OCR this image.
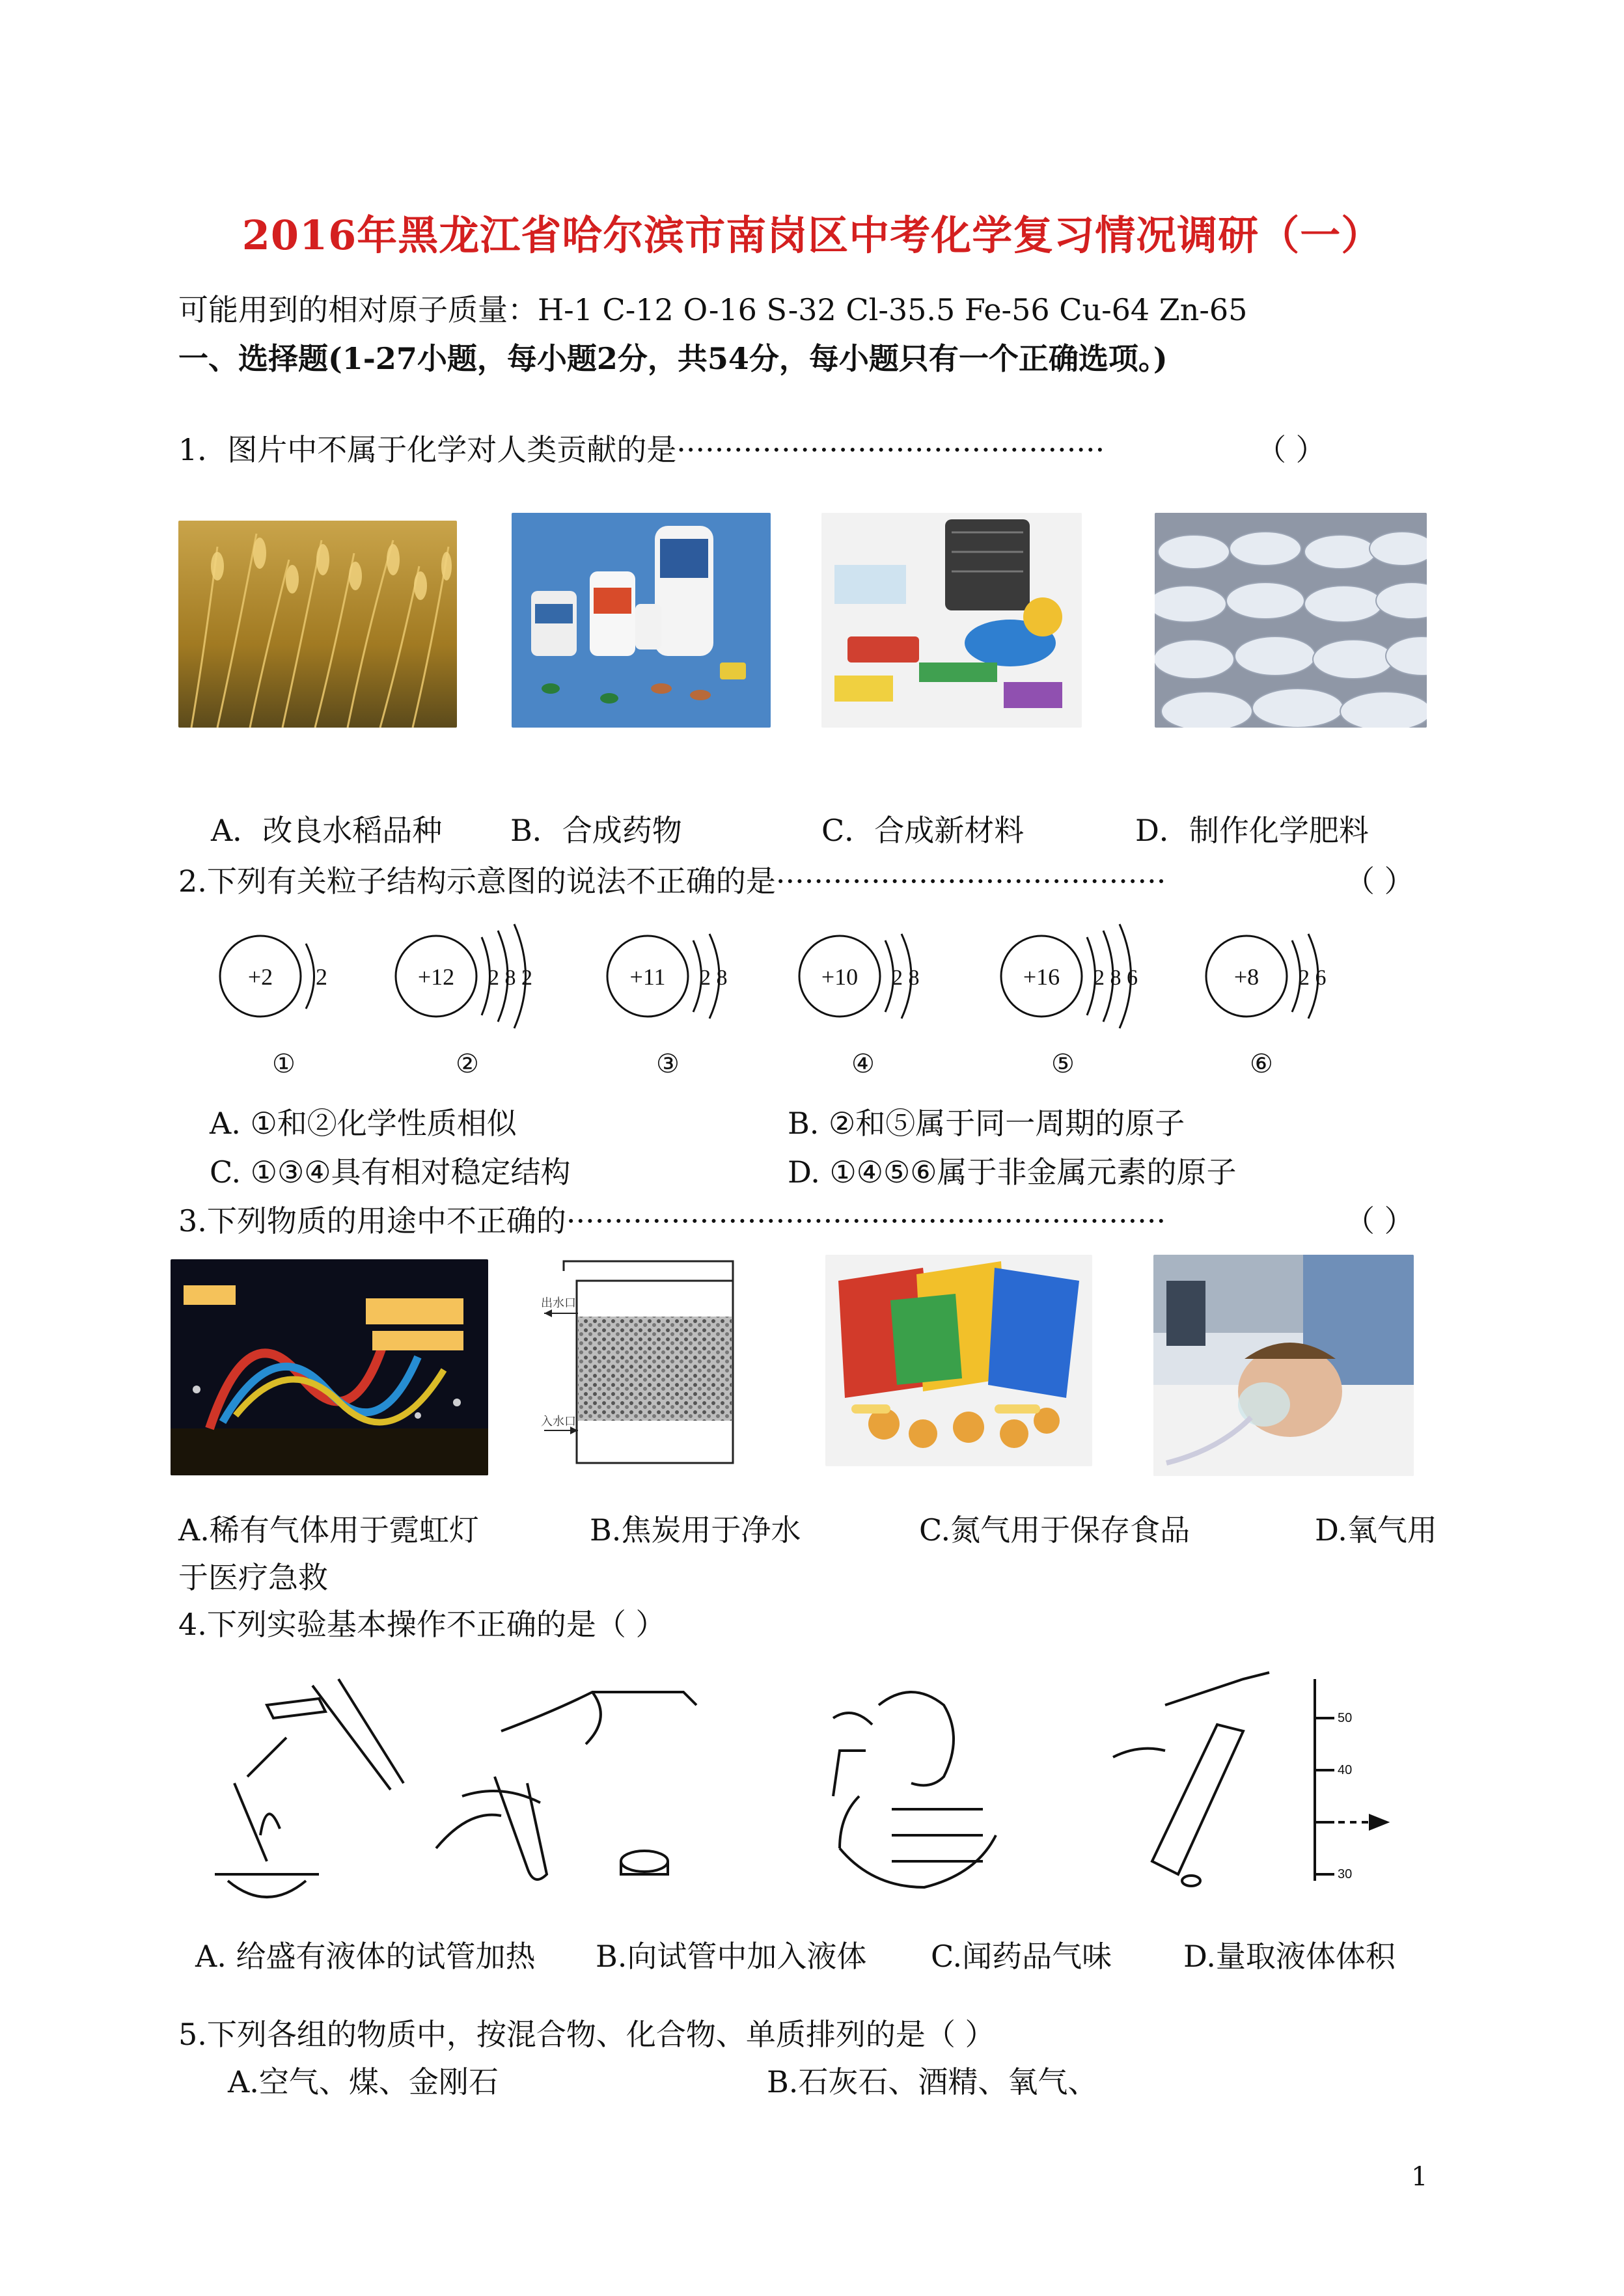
2016年黑龙江省哈尔滨市南岗区中考化学复习情况调研（一）
可能用到的相对原子质量：H-1 C-12 O-16 S-32 Cl-35.5 Fe-56 Cu-64 Zn-65
一、选择题(1-27小题，每小题2分，共54分，每小题只有一个正确选项。)
1．图片中不属于化学对人类贡献的是·············································	（ ）
A．改良水稻品种 B．合成药物	C．合成新材料	D．制作化学肥料
2.下列有关粒子结构示意图的说法不正确的是·········································	（ ）
+2 2
①
+12 2 8 2
②
+11 2 8
③
+10 2 8
④
+16 2 8 6
⑤
+8 2 6
⑥
A. ①和②化学性质相似	B. ②和⑤属于同一周期的原子
C. ①③④具有相对稳定结构	D. ①④⑤⑥属于非金属元素的原子
3.下列物质的用途中不正确的·······························································	（ ）
出水口
入水口
A.稀有气体用于霓虹灯	B.焦炭用于净水	C.氮气用于保存食品	D.氧气用
于医疗急救
4.下列实验基本操作不正确的是（ ）
50
40
30
A. 给盛有液体的试管加热 B.向试管中加入液体 C.闻药品气味 D.量取液体体积
5.下列各组的物质中，按混合物、化合物、单质排列的是（ ）
A.空气、煤、金刚石	B.石灰石、酒精、氧气、
1
